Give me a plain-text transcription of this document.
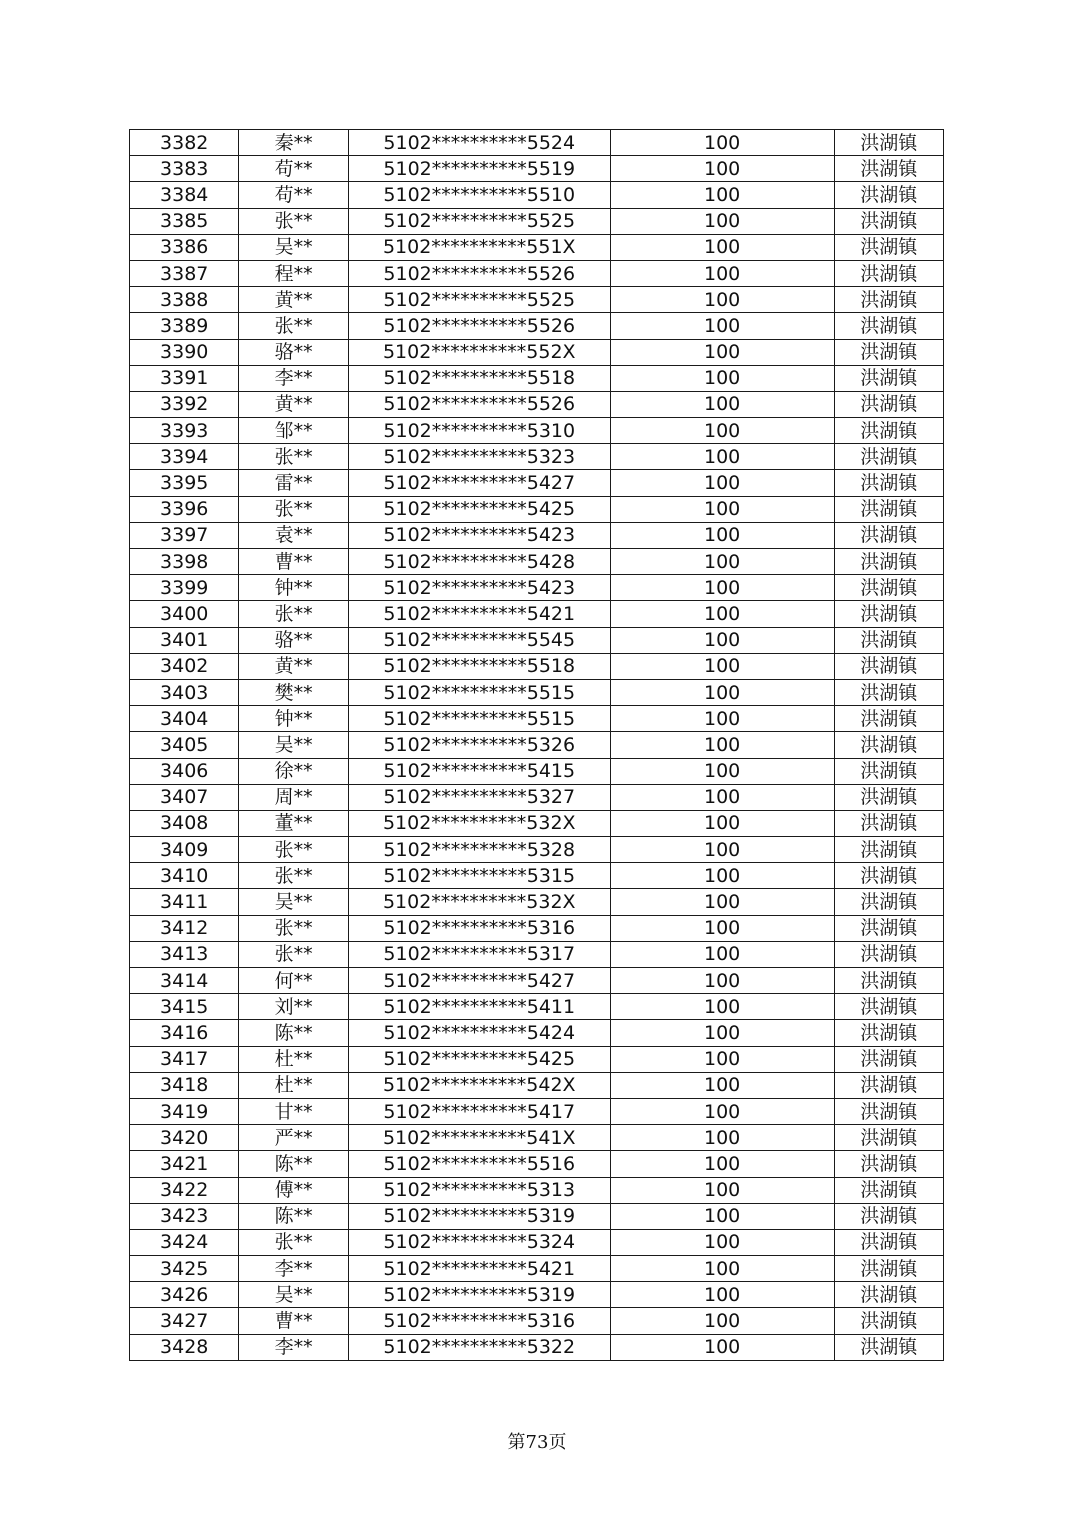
3382	秦**	5102**********5524	100	洪湖镇
3383	苟**	5102**********5519	100	洪湖镇
3384	苟**	5102**********5510	100	洪湖镇
3385	张**	5102**********5525	100	洪湖镇
3386	吴**	5102**********551X	100	洪湖镇
3387	程**	5102**********5526	100	洪湖镇
3388	黄**	5102**********5525	100	洪湖镇
3389	张**	5102**********5526	100	洪湖镇
3390	骆**	5102**********552X	100	洪湖镇
3391	李**	5102**********5518	100	洪湖镇
3392	黄**	5102**********5526	100	洪湖镇
3393	邹**	5102**********5310	100	洪湖镇
3394	张**	5102**********5323	100	洪湖镇
3395	雷**	5102**********5427	100	洪湖镇
3396	张**	5102**********5425	100	洪湖镇
3397	袁**	5102**********5423	100	洪湖镇
3398	曹**	5102**********5428	100	洪湖镇
3399	钟**	5102**********5423	100	洪湖镇
3400	张**	5102**********5421	100	洪湖镇
3401	骆**	5102**********5545	100	洪湖镇
3402	黄**	5102**********5518	100	洪湖镇
3403	樊**	5102**********5515	100	洪湖镇
3404	钟**	5102**********5515	100	洪湖镇
3405	吴**	5102**********5326	100	洪湖镇
3406	徐**	5102**********5415	100	洪湖镇
3407	周**	5102**********5327	100	洪湖镇
3408	董**	5102**********532X	100	洪湖镇
3409	张**	5102**********5328	100	洪湖镇
3410	张**	5102**********5315	100	洪湖镇
3411	吴**	5102**********532X	100	洪湖镇
3412	张**	5102**********5316	100	洪湖镇
3413	张**	5102**********5317	100	洪湖镇
3414	何**	5102**********5427	100	洪湖镇
3415	刘**	5102**********5411	100	洪湖镇
3416	陈**	5102**********5424	100	洪湖镇
3417	杜**	5102**********5425	100	洪湖镇
3418	杜**	5102**********542X	100	洪湖镇
3419	甘**	5102**********5417	100	洪湖镇
3420	严**	5102**********541X	100	洪湖镇
3421	陈**	5102**********5516	100	洪湖镇
3422	傅**	5102**********5313	100	洪湖镇
3423	陈**	5102**********5319	100	洪湖镇
3424	张**	5102**********5324	100	洪湖镇
3425	李**	5102**********5421	100	洪湖镇
3426	吴**	5102**********5319	100	洪湖镇
3427	曹**	5102**********5316	100	洪湖镇
3428	李**	5102**********5322	100	洪湖镇
第73页
